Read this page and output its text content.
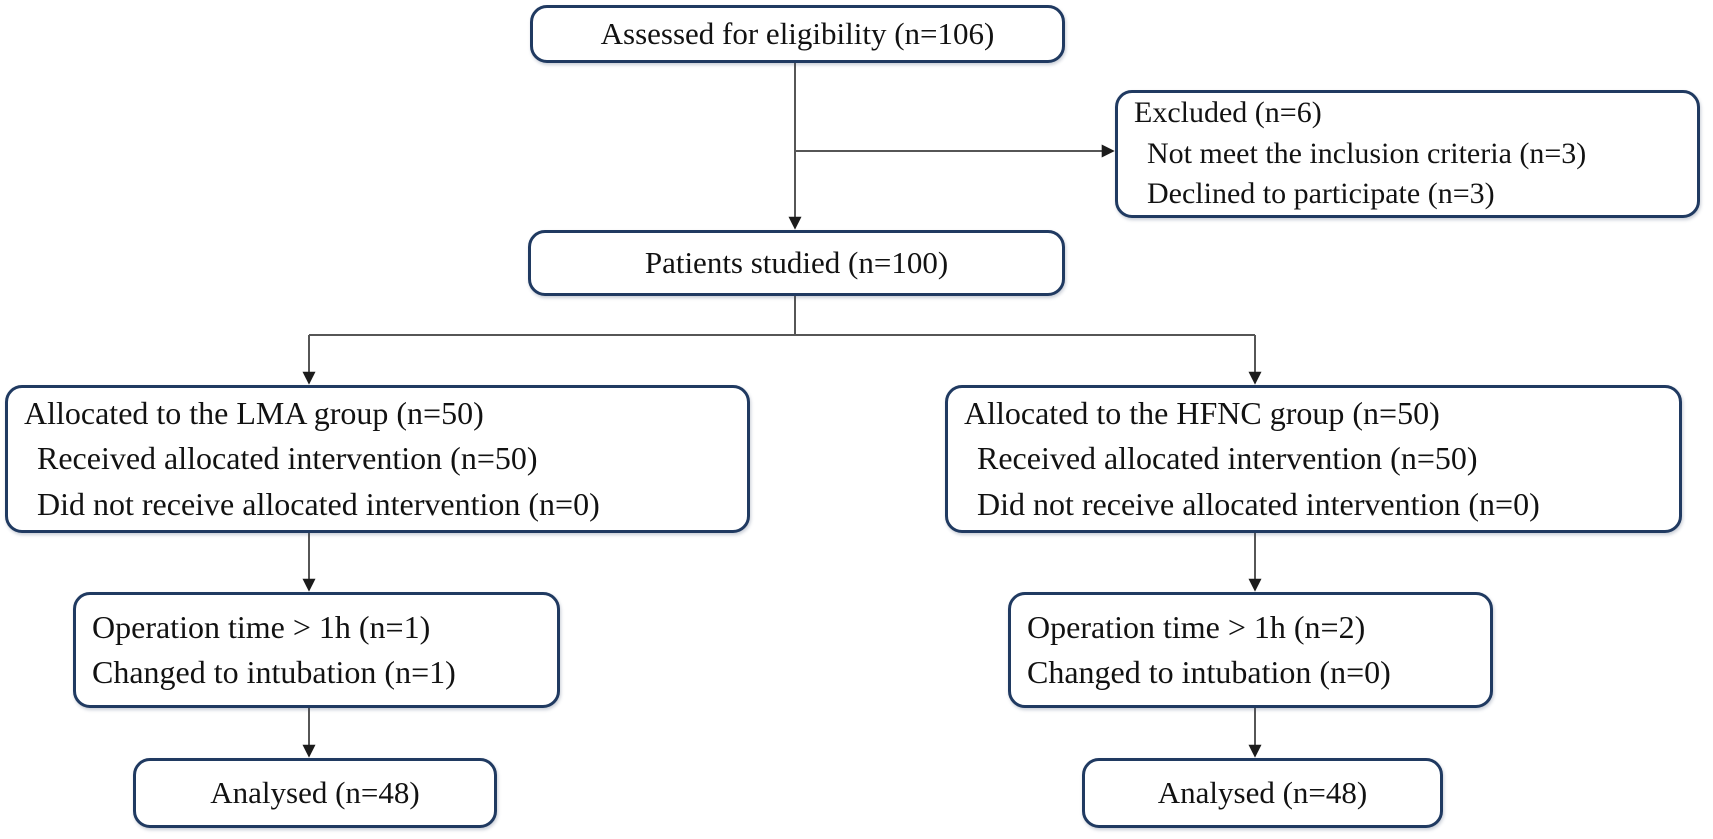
Assessed for eligibility (n=106)
Excluded (n=6)
Not meet the inclusion criteria (n=3)
Declined to participate (n=3)
Patients studied (n=100)
Allocated to the LMA group (n=50)
Received allocated intervention (n=50)
Did not receive allocated intervention (n=0)
Allocated to the HFNC group (n=50)
Received allocated intervention (n=50)
Did not receive allocated intervention (n=0)
Operation time > 1h (n=1)
Changed to intubation (n=1)
Operation time > 1h (n=2)
Changed to intubation (n=0)
Analysed (n=48)	Analysed (n=48)
